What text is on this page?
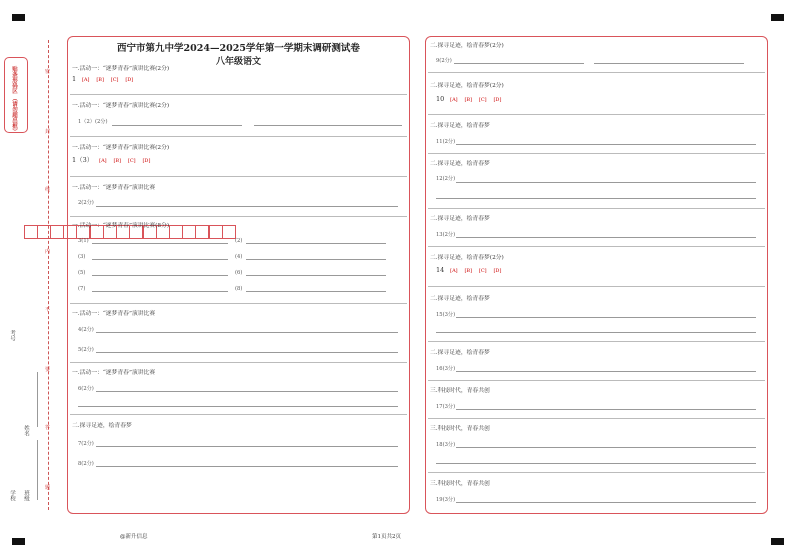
贴条形码区 （请勿超出框）
考号
姓名
学校 班级
密
封
线
内
不
要
答
题
西宁市第九中学2024—2025学年第一学期末调研测试卷
八年级语文
一.活动一：“逐梦青春”演讲比赛(2分)
1 [A] [B] [C] [D]
一.活动一：“逐梦青春”演讲比赛(2分)
1（2）(2分)
一.活动一：“逐梦青春”演讲比赛(2分)
1（3） [A] [B] [C] [D]
一.活动一：“逐梦青春”演讲比赛
2(2分)
一.活动一：“逐梦青春”演讲比赛(8分)
3(1)	(2)
(3)	(4)
(5)	(6)
(7)	(8)
一.活动一：“逐梦青春”演讲比赛
4(2分)
5(2分)
一.活动一：“逐梦青春”演讲比赛
6(2分)
二.探寻足迹，绘青春梦
7(2分)
8(2分)
二.探寻足迹，绘青春梦(2分)
9(2分)
二.探寻足迹，绘青春梦(2分)
10 [A] [B] [C] [D]
二.探寻足迹，绘青春梦
11(2分)
二.探寻足迹，绘青春梦
12(2分)
二.探寻足迹，绘青春梦
13(2分)
二.探寻足迹，绘青春梦(2分)
14 [A] [B] [C] [D]
二.探寻足迹，绘青春梦
15(3分)
二.探寻足迹，绘青春梦
16(3分)
三.科技时代，青春共创
17(3分)
三.科技时代，青春共创
18(3分)
三.科技时代，青春共创
19(3分)
@新升信息	第1页共2页
